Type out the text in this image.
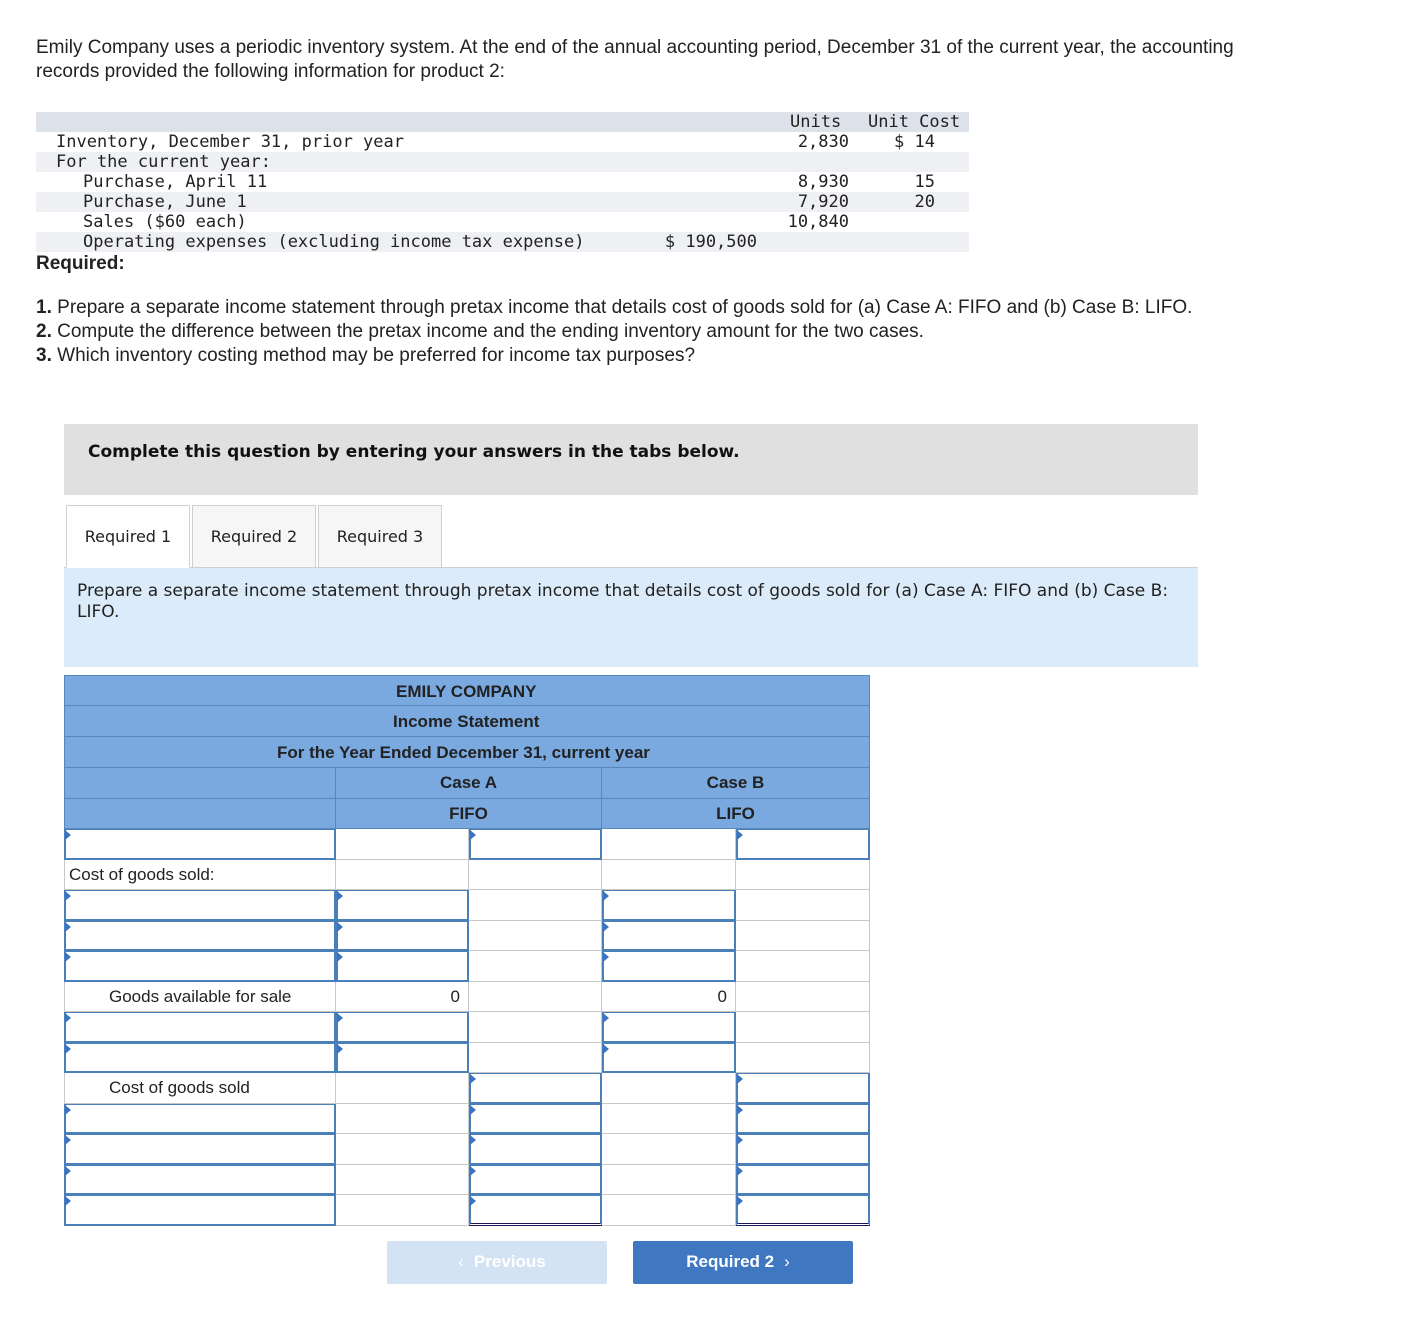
Emily Company uses a periodic inventory system. At the end of the annual accounting period, December 31 of the current year, the accounting records provided the following information for product 2:
Units Unit Cost
Inventory, December 31, prior year	2,830	$ 14
For the current year:
Purchase, April 11	8,930	15
Purchase, June 1	7,920	20
Sales ($60 each)	10,840
Operating expenses (excluding income tax expense)	$ 190,500
Required:
1. Prepare a separate income statement through pretax income that details cost of goods sold for (a) Case A: FIFO and (b) Case B: LIFO.
2. Compute the difference between the pretax income and the ending inventory amount for the two cases.
3. Which inventory costing method may be preferred for income tax purposes?
Complete this question by entering your answers in the tabs below.
Required 1	Required 2	Required 3

Prepare a separate income statement through pretax income that details cost of goods sold for (a) Case A: FIFO and (b) Case B: LIFO.

EMILY COMPANY
Income Statement
For the Year Ended December 31, current year
Case A	Case B
FIFO	LIFO
Cost of goods sold:
Goods available for sale	0	0
Cost of goods sold
‹ Previous	Required 2 ›
